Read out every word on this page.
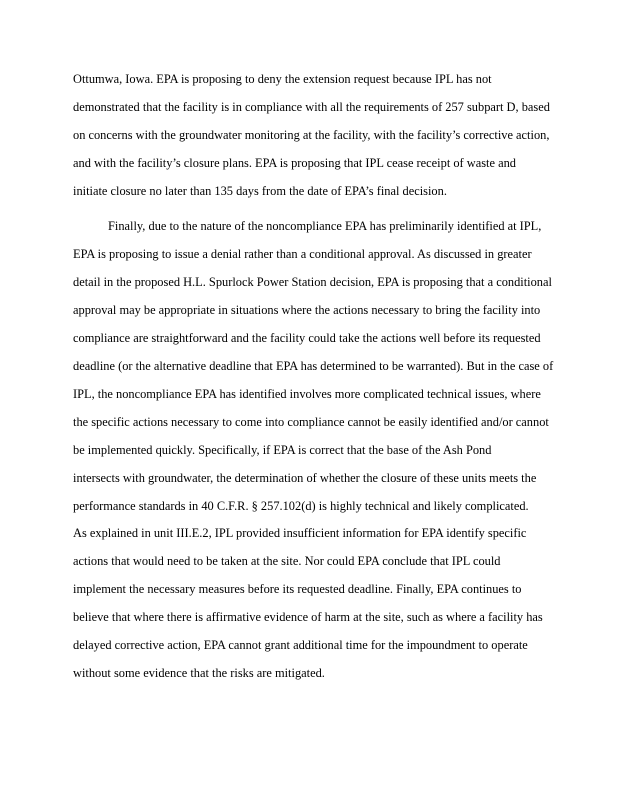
Ottumwa, Iowa. EPA is proposing to deny the extension request because IPL has not
demonstrated that the facility is in compliance with all the requirements of 257 subpart D, based
on concerns with the groundwater monitoring at the facility, with the facility’s corrective action,
and with the facility’s closure plans. EPA is proposing that IPL cease receipt of waste and
initiate closure no later than 135 days from the date of EPA’s final decision.
Finally, due to the nature of the noncompliance EPA has preliminarily identified at IPL,
EPA is proposing to issue a denial rather than a conditional approval. As discussed in greater
detail in the proposed H.L. Spurlock Power Station decision, EPA is proposing that a conditional
approval may be appropriate in situations where the actions necessary to bring the facility into
compliance are straightforward and the facility could take the actions well before its requested
deadline (or the alternative deadline that EPA has determined to be warranted). But in the case of
IPL, the noncompliance EPA has identified involves more complicated technical issues, where
the specific actions necessary to come into compliance cannot be easily identified and/or cannot
be implemented quickly. Specifically, if EPA is correct that the base of the Ash Pond
intersects with groundwater, the determination of whether the closure of these units meets the
performance standards in 40 C.F.R. § 257.102(d) is highly technical and likely complicated.
As explained in unit III.E.2, IPL provided insufficient information for EPA identify specific
actions that would need to be taken at the site. Nor could EPA conclude that IPL could
implement the necessary measures before its requested deadline. Finally, EPA continues to
believe that where there is affirmative evidence of harm at the site, such as where a facility has
delayed corrective action, EPA cannot grant additional time for the impoundment to operate
without some evidence that the risks are mitigated.
